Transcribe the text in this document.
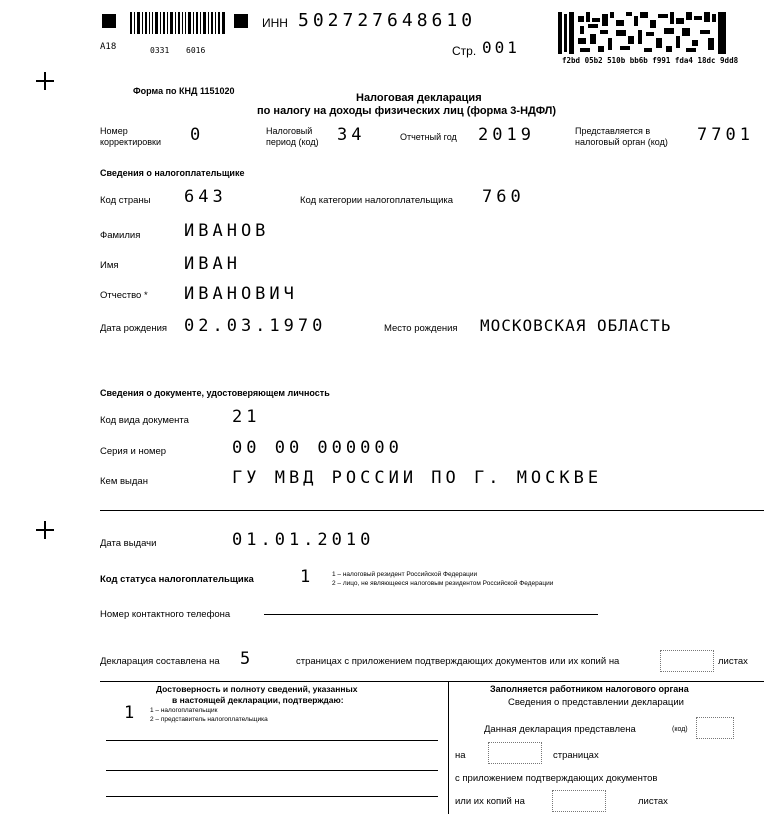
A18	0331 6016
ИНН 502727648610
Стр. 001
f2bd 05b2 510b bb6b f991 fda4 18dc 9dd8
Форма по КНД 1151020
Налоговая декларация
по налогу на доходы физических лиц (форма 3-НДФЛ)
Номер корректировки	0	Налоговый период (код)	34	Отчетный год 2019	Представляется в налоговый орган (код)	7701
Сведения о налогоплательщике
Код страны 643	Код категории налогоплательщика 760
Фамилия	ИВАНОВ
Имя	ИВАН
Отчество * ИВАНОВИЧ
Дата рождения 02.03.1970	Место рождения МОСКОВСКАЯ ОБЛАСТЬ
Сведения о документе, удостоверяющем личность
Код вида документа	21
Серия и номер	00 00 000000
Кем выдан	ГУ МВД РОССИИ ПО Г. МОСКВЕ
Дата выдачи	01.01.2010
Код статуса налогоплательщика	1	1 – налоговый резидент Российской Федерации
2 – лицо, не являющееся налоговым резидентом Российской Федерации
Номер контактного телефона
Декларация составлена на 5	страницах с приложением подтверждающих документов или их копий на	листах
Достоверность и полноту сведений, указанных
в настоящей декларации, подтверждаю:
1 1 – налогоплательщик
2 – представитель налогоплательщика
Заполняется работником налогового органа
Сведения о представлении декларации
Данная декларация представлена	(код)
на	страницах
с приложением подтверждающих документов
или их копий на	листах
